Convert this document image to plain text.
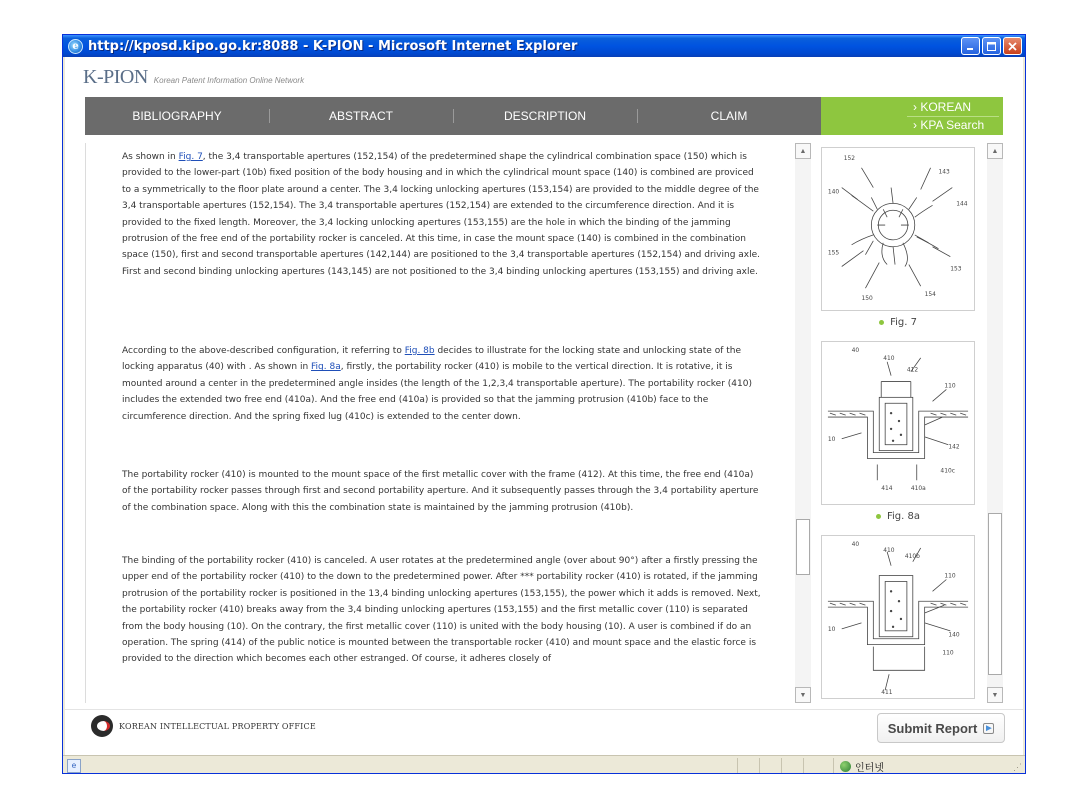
e http://kposd.kipo.go.kr:8088 - K-PION - Microsoft Internet Explorer
K-PION Korean Patent Information Online Network
BIBLIOGRAPHY	ABSTRACT	DESCRIPTION	CLAIM
› KOREAN
› KPA Search
As shown in Fig. 7, the 3,4 transportable apertures (152,154) of the predetermined shape the cylindrical combination space (150) which is provided to the lower-part (10b) fixed position of the body housing and in which the cylindrical mount space (140) is combined are proviced to a symmetrically to the floor plate around a center. The 3,4 locking unlocking apertures (153,154) are provided to the middle degree of the 3,4 transportable apertures (152,154). The 3,4 transportable apertures (152,154) are extended to the circumference direction. And it is provided to the fixed length. Moreover, the 3,4 locking unlocking apertures (153,155) are the hole in which the binding of the jamming protrusion of the free end of the portability rocker is canceled. At this time, in case the mount space (140) is combined in the combination space (150), first and second transportable apertures (142,144) are positioned to the 3,4 transportable apertures (152,154) and driving axle. First and second binding unlocking apertures (143,145) are not positioned to the 3,4 binding unlocking apertures (153,155) and driving axle.
According to the above-described configuration, it referring to Fig. 8b decides to illustrate for the locking state and unlocking state of the locking apparatus (40) with . As shown in Fig. 8a, firstly, the portability rocker (410) is mobile to the vertical direction. It is rotative, it is mounted around a center in the predetermined angle insides (the length of the 1,2,3,4 transportable aperture). The portability rocker (410) includes the extended two free end (410a). And the free end (410a) is provided so that the jamming protrusion (410b) face to the circumference direction. And the spring fixed lug (410c) is extended to the center down.
The portability rocker (410) is mounted to the mount space of the first metallic cover with the frame (412). At this time, the free end (410a) of the portability rocker passes through first and second portability aperture. And it subsequently passes through the 3,4 portability aperture of the combination space. Along with this the combination state is maintained by the jamming protrusion (410b).
The binding of the portability rocker (410) is canceled. A user rotates at the predetermined angle (over about 90°) after a firstly pressing the upper end of the portability rocker (410) to the down to the predetermined power. After *** portability rocker (410) is rotated, if the jamming protrusion of the portability rocker is positioned in the 13,4 binding unlocking apertures (153,155), the power which it adds is removed. Next, the portability rocker (410) breaks away from the 3,4 binding unlocking apertures (153,155) and the first metallic cover (110) is separated from the body housing (10). On the contrary, the first metallic cover (110) is united with the body housing (10). A user is combined if do an operation. The spring (414) of the public notice is mounted between the transportable rocker (410) and mount space and the elastic force is provided to the direction which becomes each other estranged. Of course, it adheres closely of
▲
▼
152
140
143
144
155
153
154
150
Fig. 7
40
410
412
110
142
410c
414	410a
10
Fig. 8a
40
410
410b
110
140
110
411
10
▲
▼
KOREAN INTELLECTUAL PROPERTY OFFICE	Submit Report	▶
e	인터넷	⋰
